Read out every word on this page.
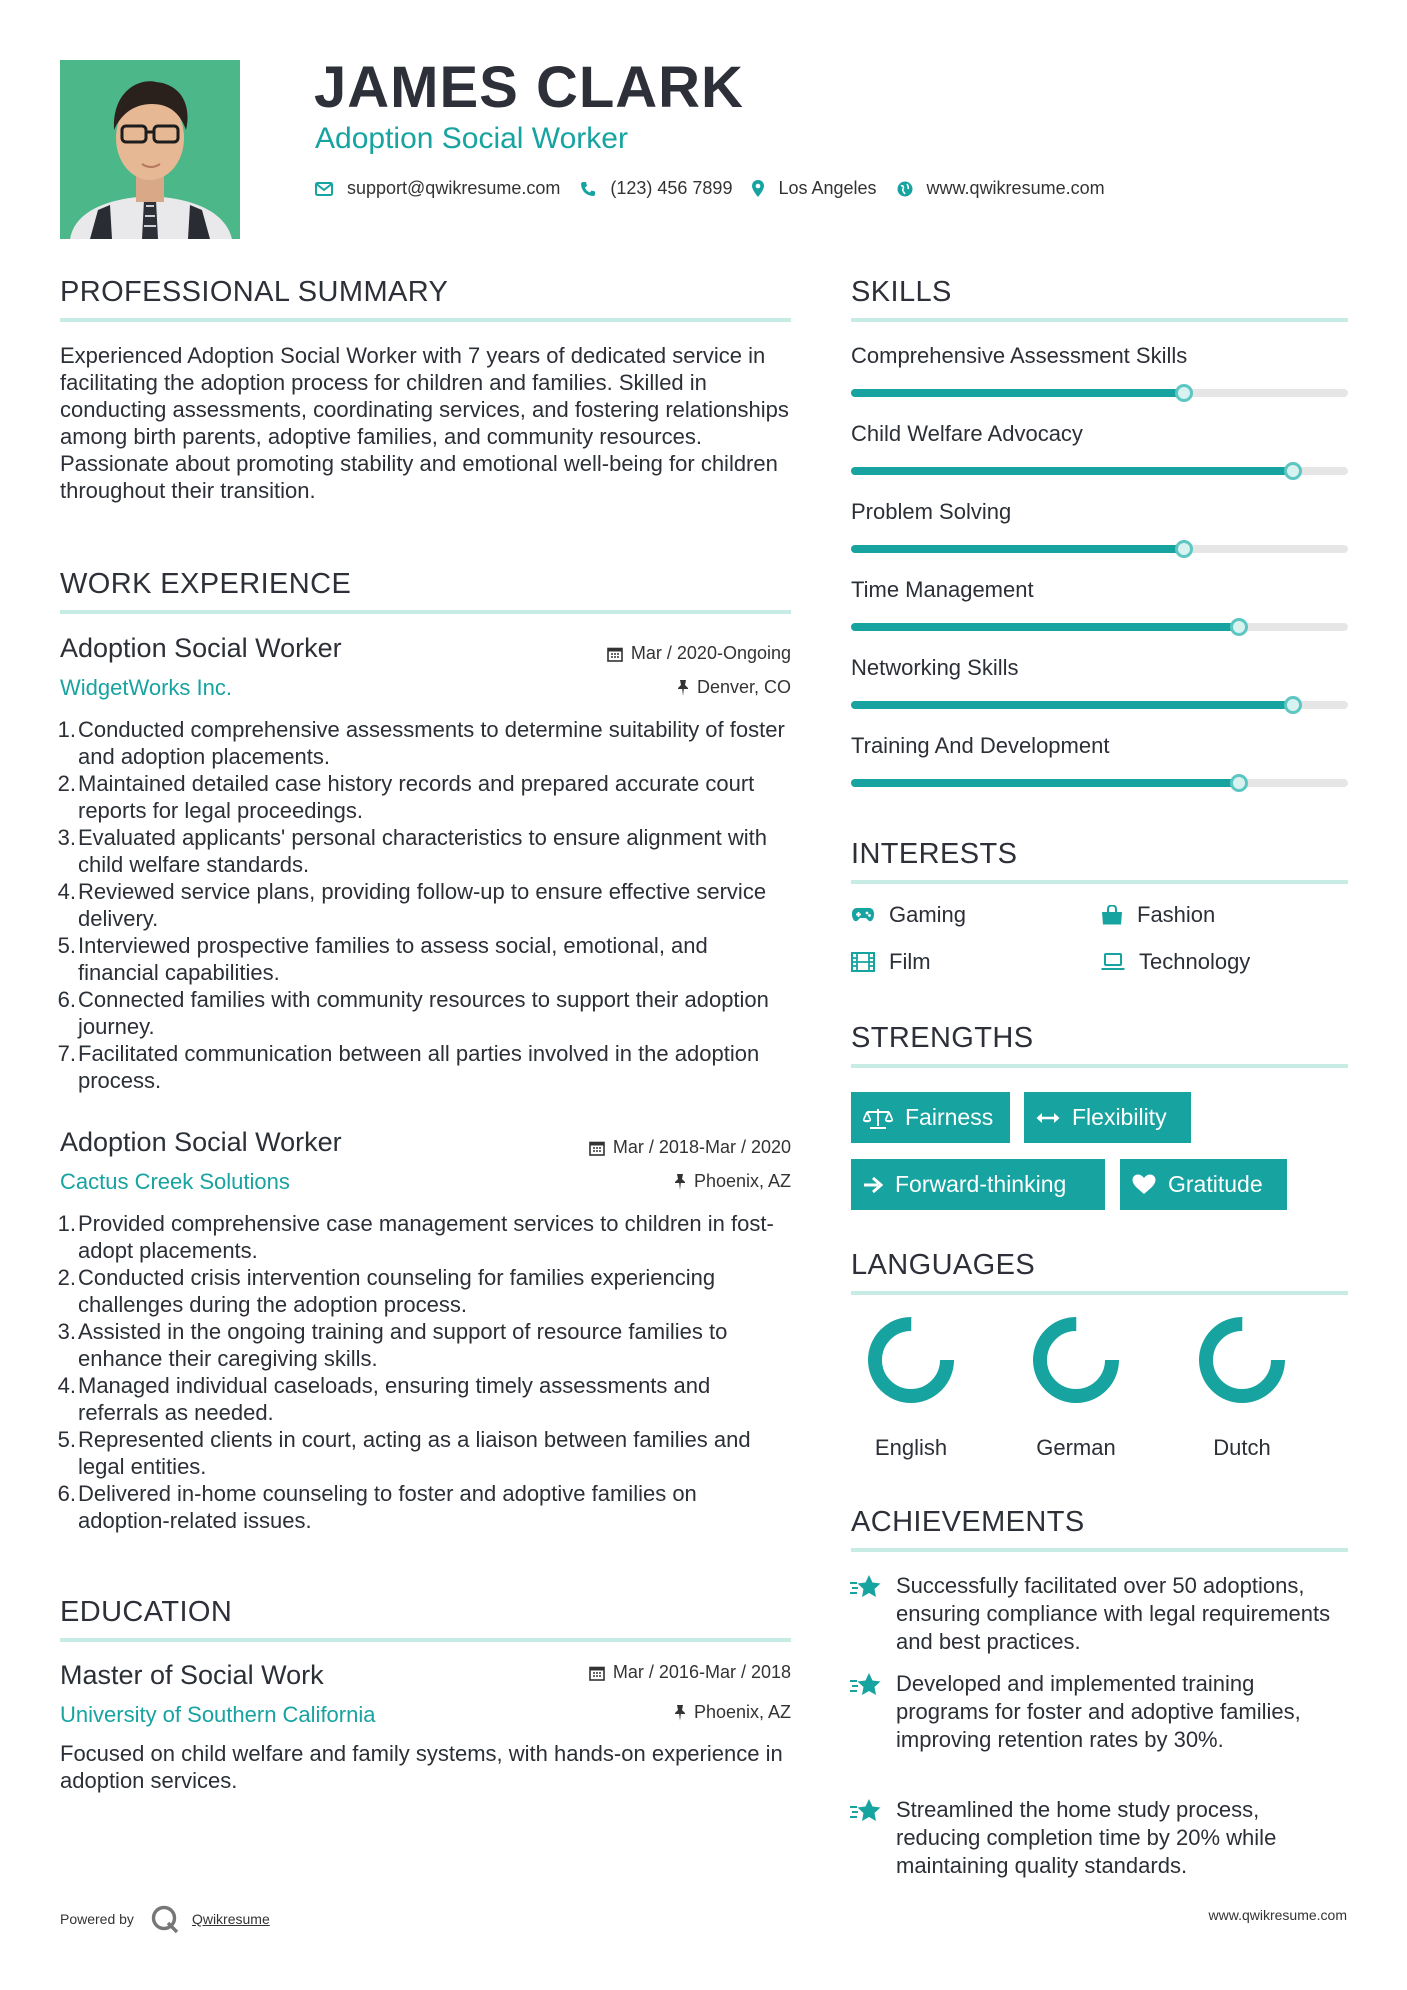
JAMES CLARK
Adoption Social Worker
support@qwikresume.com	(123) 456 7899	Los Angeles	www.qwikresume.com
PROFESSIONAL SUMMARY
Experienced Adoption Social Worker with 7 years of dedicated service in facilitating the adoption process for children and families. Skilled in conducting assessments, coordinating services, and fostering relationships among birth parents, adoptive families, and community resources. Passionate about promoting stability and emotional well-being for children throughout their transition.
WORK EXPERIENCE
Adoption Social Worker
WidgetWorks Inc.
Mar / 2020-Ongoing
Denver, CO
1. Conducted comprehensive assessments to determine suitability of foster and adoption placements.
2. Maintained detailed case history records and prepared accurate court reports for legal proceedings.
3. Evaluated applicants' personal characteristics to ensure alignment with child welfare standards.
4. Reviewed service plans, providing follow-up to ensure effective service delivery.
5. Interviewed prospective families to assess social, emotional, and financial capabilities.
6. Connected families with community resources to support their adoption journey.
7. Facilitated communication between all parties involved in the adoption process.
Adoption Social Worker
Cactus Creek Solutions
Mar / 2018-Mar / 2020
Phoenix, AZ
1. Provided comprehensive case management services to children in fost-adopt placements.
2. Conducted crisis intervention counseling for families experiencing challenges during the adoption process.
3. Assisted in the ongoing training and support of resource families to enhance their caregiving skills.
4. Managed individual caseloads, ensuring timely assessments and referrals as needed.
5. Represented clients in court, acting as a liaison between families and legal entities.
6. Delivered in-home counseling to foster and adoptive families on adoption-related issues.
EDUCATION
Master of Social Work
University of Southern California
Mar / 2016-Mar / 2018
Phoenix, AZ
Focused on child welfare and family systems, with hands-on experience in adoption services.
SKILLS
Comprehensive Assessment Skills
Child Welfare Advocacy
Problem Solving
Time Management
Networking Skills
Training And Development
INTERESTS
Gaming	Fashion
Film	Technology
STRENGTHS
Fairness	Flexibility
Forward-thinking	Gratitude
LANGUAGES
English	German	Dutch
ACHIEVEMENTS
Successfully facilitated over 50 adoptions, ensuring compliance with legal requirements and best practices.
Developed and implemented training programs for foster and adoptive families, improving retention rates by 30%.
Streamlined the home study process, reducing completion time by 20% while maintaining quality standards.
Powered by	Qwikresume	www.qwikresume.com
